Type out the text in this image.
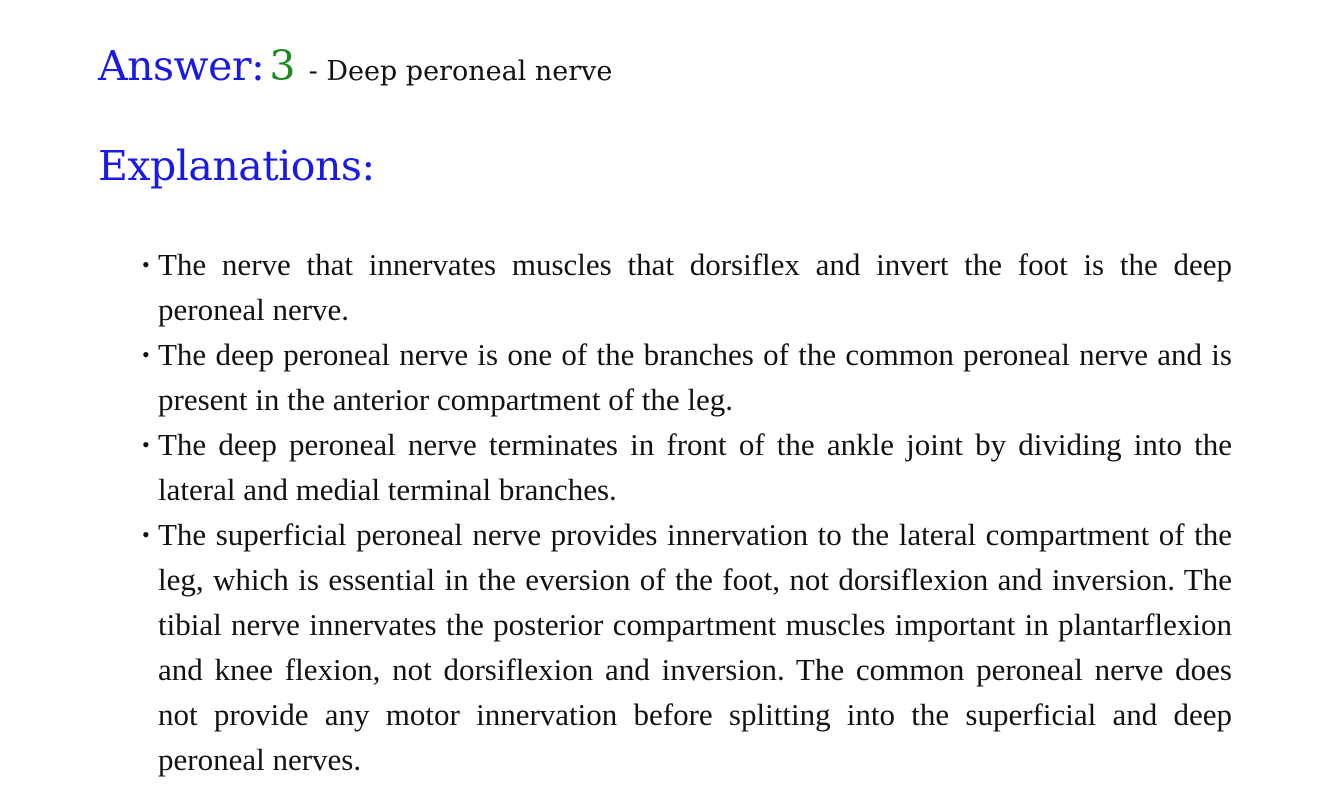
Answer: 3 - Deep peroneal nerve
Explanations:
• The nerve that innervates muscles that dorsiflex and invert the foot is the deep peroneal nerve.
• The deep peroneal nerve is one of the branches of the common peroneal nerve and is present in the anterior compartment of the leg.
• The deep peroneal nerve terminates in front of the ankle joint by dividing into the lateral and medial terminal branches.
• The superficial peroneal nerve provides innervation to the lateral compartment of the leg, which is essential in the eversion of the foot, not dorsiflexion and inversion. The tibial nerve innervates the posterior compartment muscles important in plantarflexion and knee flexion, not dorsiflexion and inversion. The common peroneal nerve does not provide any motor innervation before splitting into the superficial and deep peroneal nerves.
